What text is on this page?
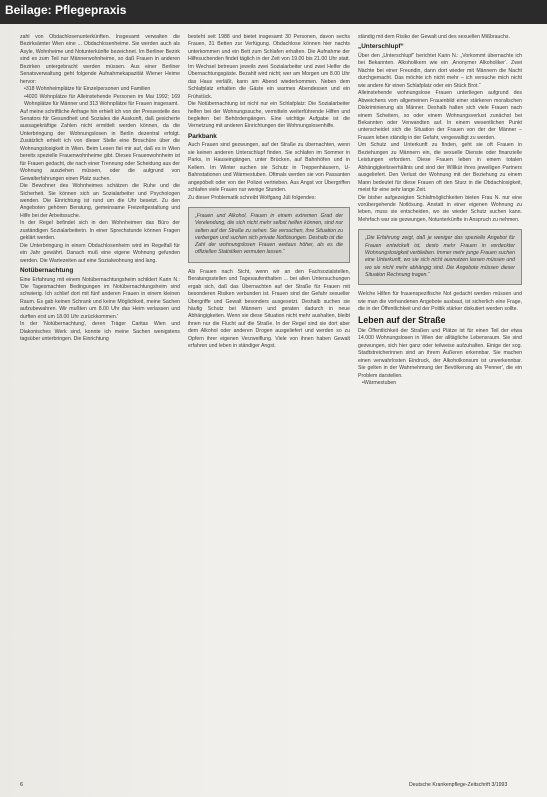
Beilage: Pflegepraxis

zahl von Obdachlosenunterkünften. Insgesamt verwalten die Bezirksämter Wien eine ... Obdachlosenheime. Sie werden auch als Asyle, Wohnheime und Notunterkünfte bezeichnet. Im Berliner Bezirk sind es zum Teil nur Männerwohnheime, so daß Frauen in anderen Bezirken untergebracht werden müssen. Aus einer Berliner Senatsverwaltung geht folgende Aufnahmekapazität Wiener Heime hervor:

• 318 Wohnheimplätze für Einzelpersonen und Familien

• 4020 Wohnplätze für Alleinstehende Personen im Mai 1992; 169 Wohnplätze für Männer und 313 Wohnplätze für Frauen insgesamt.

Auf meine schriftliche Anfrage hin erhielt ich von der Pressestelle des Senators für Gesundheit und Soziales die Auskunft, daß gesicherte aussagekräftige Zahlen nicht ermittelt werden können, da die Unterbringung der Wohnungslosen in Berlin dezentral erfolgt. Zusätzlich erhielt ich von dieser Stelle eine Broschüre über die Wohnungslosigkeit in Wien. Beim Lesen fiel mir auf, daß es in Wien bereits spezielle Frauenwohnheime gibt. Dieses Frauenwohnheim ist für Frauen gedacht, die nach einer Trennung oder Scheidung aus der Wohnung ausziehen müssen, oder die aufgrund von Gewalterfahrungen einen Platz suchen.

Die Bewohner des Wohnheimes schätzen die Ruhe und die Sicherheit. Sie können sich an Sozialarbeiter und Psychologen wenden. Die Einrichtung ist rund um die Uhr besetzt. Zu den Angeboten gehören Beratung, gemeinsame Freizeitgestaltung und Hilfe bei der Arbeitssuche.

In der Regel befindet sich in den Wohnheimen das Büro der zuständigen Sozialarbeiterin. In einer Sprechstunde können Fragen geklärt werden.

Die Unterbringung in einem Obdachlosenheim wird im Regelfall für ein Jahr gewährt. Danach muß eine eigene Wohnung gefunden werden. Die Wartezeiten auf eine Sozialwohnung sind lang.

Notübernachtung

Eine Erfahrung mit einem Notübernachtungsheim schildert Karin N.: 'Die Tagesmachten Bedingungen im Notübernachtungsheim sind schwierig. Ich schlief dort mit fünf anderen Frauen in einem kleinen Raum. Es gab keinen Schrank und keine Möglichkeit, meine Sachen aufzubewahren. Wir mußten um 8.00 Uhr das Heim verlassen und durften erst um 18.00 Uhr zurückkommen.'

In der 'Notübernachtung', deren Träger Caritas Wien und Diakonisches Werk sind, konnte ich meine Sachen wenigstens tagsüber unterbringen. Die Einrichtung

besteht seit 1988 und bietet insgesamt 30 Personen, davon sechs Frauen, 31 Betten zur Verfügung. Obdachlose können hier nachts unterkommen und ein Bett zum Schlafen erhalten. Die Aufnahme der Hilfesuchenden findet täglich in der Zeit von 19.00 bis 21.00 Uhr statt. Im Wechsel betreuen jeweils zwei Sozialarbeiter und zwei Helfer die Übernachtungsgäste. Bezahlt wird nicht; wer am Morgen um 8.00 Uhr das Haus verläßt, kann am Abend wiederkommen. Neben dem Schlafplatz erhalten die Gäste ein warmes Abendessen und ein Frühstück.

Die Notübernachtung ist nicht nur ein Schlafplatz: Die Sozialarbeiter helfen bei der Wohnungssuche, vermitteln weiterführende Hilfen und begleiten bei Behördengängen. Eine wichtige Aufgabe ist die Vernetzung mit anderen Einrichtungen der Wohnungslosenhilfe.

Parkbank

Auch Frauen sind gezwungen, auf der Straße zu übernachten, wenn sie keinen anderen Unterschlupf finden. Sie schlafen im Sommer in Parks, in Hauseingängen, unter Brücken, auf Bahnhöfen und in Kellern. Im Winter suchen sie Schutz in Treppenhäusern, U-Bahnstationen und Wärmestuben. Oftmals werden sie von Passanten angepöbelt oder von der Polizei vertrieben. Aus Angst vor Übergriffen schlafen viele Frauen nur wenige Stunden.

Zu dieser Problematik schreibt Wolfgang Jüli folgendes:

„Frauen und Alkohol, Frauen in einem extremen Grad der Verelendung, die sich nicht mehr selbst helfen können, sind nur selten auf der Straße zu sehen. Sie versuchen, ihre Situation zu verbergen und suchen sich private Notlösungen. Deshalb ist die Zahl der wohnungslosen Frauen weitaus höher, als es die offiziellen Statistiken vermuten lassen.“

Als Frauen nach Sicht, wenn wir an den Fachsozialstellen, Beratungsstellen und Tagesaufenthalten ... bei allen Untersuchungen ergab sich, daß das Übernachten auf der Straße für Frauen mit besonderen Risiken verbunden ist. Frauen sind der Gefahr sexueller Übergriffe und Gewalt besonders ausgesetzt. Deshalb suchen sie häufig Schutz bei Männern und geraten dadurch in neue Abhängigkeiten. Wenn sie diese Situation nicht mehr aushalten, bleibt ihnen nur die Flucht auf die Straße. In der Regel sind sie dort aber dem Alkohol oder anderen Drogen ausgeliefert und werden so zu Opfern ihrer eigenen Verzweiflung. Viele von ihnen haben Gewalt erfahren und leben in ständiger Angst.

ständig mit dem Risiko der Gewalt und des sexuellen Mißbrauchs.

„Unterschlupf“

Über den „Unterschlupf“ berichtet Karin N.: „Vorkommt übernachte ich bei Bekannten. Alkoholikern wie ein ‚Anonymer Alkoholiker‘. Zwei Nächte bei einer Freundin, dann dort wieder mit Männern die Nacht durchgemacht. Das möchte ich nicht mehr – ich versuche mich nicht wie andere für einen Schlafplatz oder ein Stück Brot.“

Alleinstehende wohnungslose Frauen unterliegen aufgrund des Abweichens vom allgemeinen Frauenbild einer stärkeren moralischen Diskriminierung als Männer. Deshalb halten sich viele Frauen nach einem Scheitern, so oder einem Wohnungsverlust zunächst bei Bekannten oder Verwandten auf. In einem wesentlichen Punkt unterscheidet sich die Situation der Frauen von der der Männer – Frauen leben ständig in der Gefahr, vergewaltigt zu werden.

Um Schutz und Unterkunft zu finden, geht sie oft Frauen in Beziehungen zu Männern ein, die sexuelle Dienste oder finanzielle Leistungen erfordern. Diese Frauen leben in einem totalen Abhängigkeitsverhältnis und sind der Willkür ihres jeweiligen Partners ausgeliefert. Den Verlust der Wohnung mit der Beziehung zu einem Mann bedeutet für diese Frauen oft den Sturz in die Obdachlosigkeit, meist für eine sehr lange Zeit.

Die bisher aufgezeigten Schlafmöglichkeiten bieten Frau N. nur eine vorübergehende Notlösung. Anstatt in einer eigenen Wohnung zu leben, muss sie entscheiden, wo sie wieder Schutz suchen kann. Mehrfach war sie gezwungen, Notunterkünfte in Anspruch zu nehmen.

„Die Erfahrung zeigt, daß je weniger das spezielle Angebot für Frauen entwickelt ist, desto mehr Frauen in verdeckter Wohnungslosigkeit verbleiben. Immer mehr junge Frauen suchen eine Unterkunft, wo sie sich nicht ausnutzen lassen müssen und wo sie nicht mehr abhängig sind. Die Angebote müssen dieser Situation Rechnung tragen.“

Welche Hilfen für frauenspezifische Not gedacht werden müssen und wie man die vorhandenen Angebote ausbaut, ist sicherlich eine Frage, die in der Öffentlichkeit und der Politik stärker diskutiert werden sollte.

Leben auf der Straße

Die Öffentlichkeit der Straßen und Plätze ist für einen Teil der etwa 14.000 Wohnungslosen in Wien der alltägliche Lebensraum. Sie sind gezwungen, sich hier ganz oder teilweise aufzuhalten. Einige der sog. Stadtstreicherinnen sind an ihrem Äußeren erkennbar. Sie machen einen verwahrlosten Eindruck, der Alkoholkonsum ist unverkennbar. Sie gelten in der Wahrnehmung der Bevölkerung als 'Penner', die ein Problem darstellen.

• Wärmestuben

6	Deutsche Krankenpflege-Zeitschrift 3/1993
